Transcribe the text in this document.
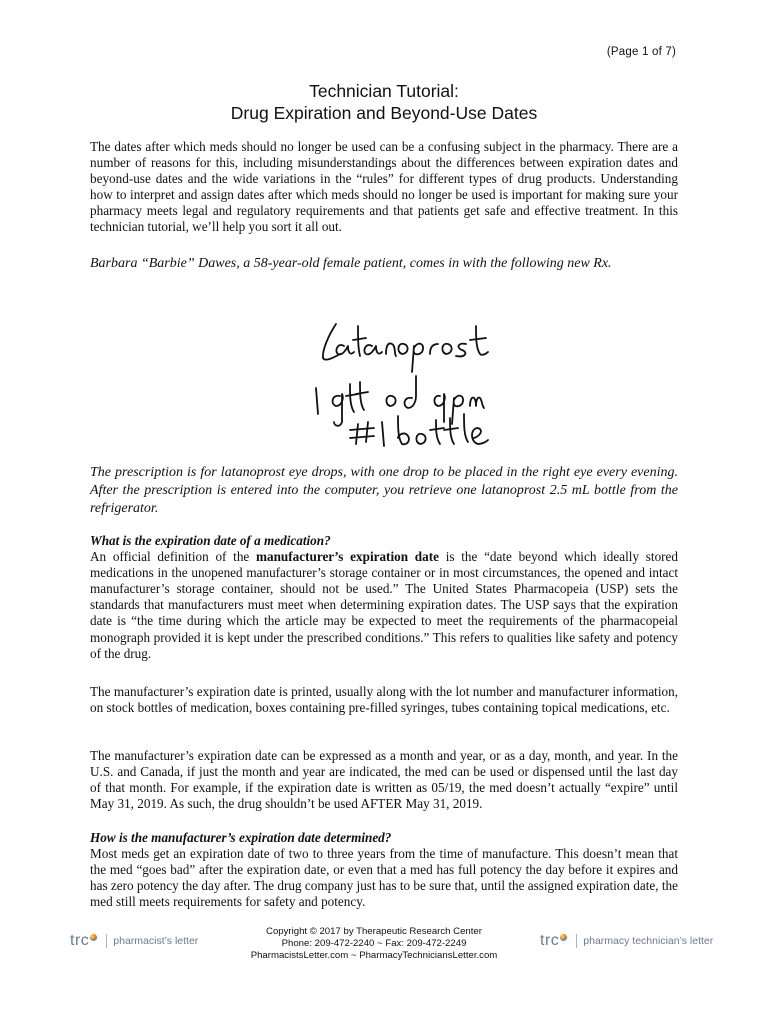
(Page 1 of 7)
Technician Tutorial:
Drug Expiration and Beyond-Use Dates

The dates after which meds should no longer be used can be a confusing subject in the pharmacy. There are a number of reasons for this, including misunderstandings about the differences between expiration dates and beyond-use dates and the wide variations in the “rules” for different types of drug products. Understanding how to interpret and assign dates after which meds should no longer be used is important for making sure your pharmacy meets legal and regulatory requirements and that patients get safe and effective treatment. In this technician tutorial, we’ll help you sort it all out.

Barbara “Barbie” Dawes, a 58-year-old female patient, comes in with the following new Rx.

The prescription is for latanoprost eye drops, with one drop to be placed in the right eye every evening. After the prescription is entered into the computer, you retrieve one latanoprost 2.5 mL bottle from the refrigerator.

What is the expiration date of a medication?

An official definition of the manufacturer’s expiration date is the “date beyond which ideally stored medications in the unopened manufacturer’s storage container or in most circumstances, the opened and intact manufacturer’s storage container, should not be used.” The United States Pharmacopeia (USP) sets the standards that manufacturers must meet when determining expiration dates. The USP says that the expiration date is “the time during which the article may be expected to meet the requirements of the pharmacopeial monograph provided it is kept under the prescribed conditions.” This refers to qualities like safety and potency of the drug.

The manufacturer’s expiration date is printed, usually along with the lot number and manufacturer information, on stock bottles of medication, boxes containing pre-filled syringes, tubes containing topical medications, etc.

The manufacturer’s expiration date can be expressed as a month and year, or as a day, month, and year. In the U.S. and Canada, if just the month and year are indicated, the med can be used or dispensed until the last day of that month. For example, if the expiration date is written as 05/19, the med doesn’t actually “expire” until May 31, 2019. As such, the drug shouldn’t be used AFTER May 31, 2019.

How is the manufacturer’s expiration date determined?

Most meds get an expiration date of two to three years from the time of manufacture. This doesn’t mean that the med “goes bad” after the expiration date, or even that a med has full potency the day before it expires and has zero potency the day after. The drug company just has to be sure that, until the assigned expiration date, the med still meets requirements for safety and potency.

trc pharmacist’s letter
Copyright © 2017 by Therapeutic Research Center
Phone: 209-472-2240 ~ Fax: 209-472-2249
PharmacistsLetter.com ~ PharmacyTechniciansLetter.com
trc pharmacy technician’s letter
